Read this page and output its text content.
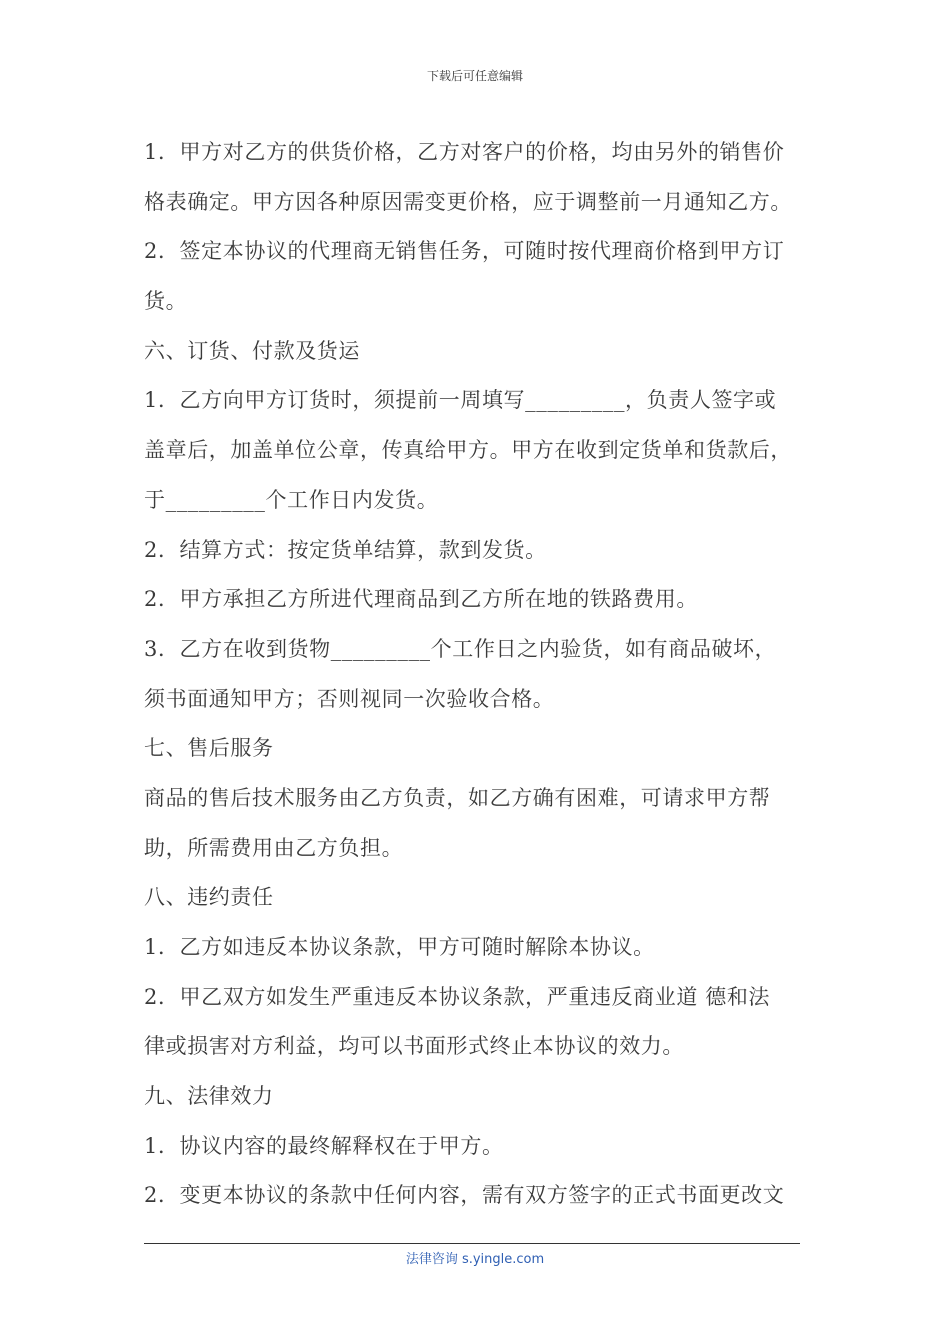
下载后可任意编辑
1．甲方对乙方的供货价格，乙方对客户的价格，均由另外的销售价
格表确定。甲方因各种原因需变更价格，应于调整前一月通知乙方。
2．签定本协议的代理商无销售任务，可随时按代理商价格到甲方订
货。
六、订货、付款及货运
1．乙方向甲方订货时，须提前一周填写_________，负责人签字或
盖章后，加盖单位公章，传真给甲方。甲方在收到定货单和货款后，
于_________个工作日内发货。
2．结算方式：按定货单结算，款到发货。
2．甲方承担乙方所进代理商品到乙方所在地的铁路费用。
3．乙方在收到货物_________个工作日之内验货，如有商品破坏，
须书面通知甲方；否则视同一次验收合格。
七、售后服务
商品的售后技术服务由乙方负责，如乙方确有困难，可请求甲方帮
助，所需费用由乙方负担。
八、违约责任
1．乙方如违反本协议条款，甲方可随时解除本协议。
2．甲乙双方如发生严重违反本协议条款，严重违反商业道 德和法
律或损害对方利益，均可以书面形式终止本协议的效力。
九、法律效力
1．协议内容的最终解释权在于甲方。
2．变更本协议的条款中任何内容，需有双方签字的正式书面更改文
法律咨询 s.yingle.com
